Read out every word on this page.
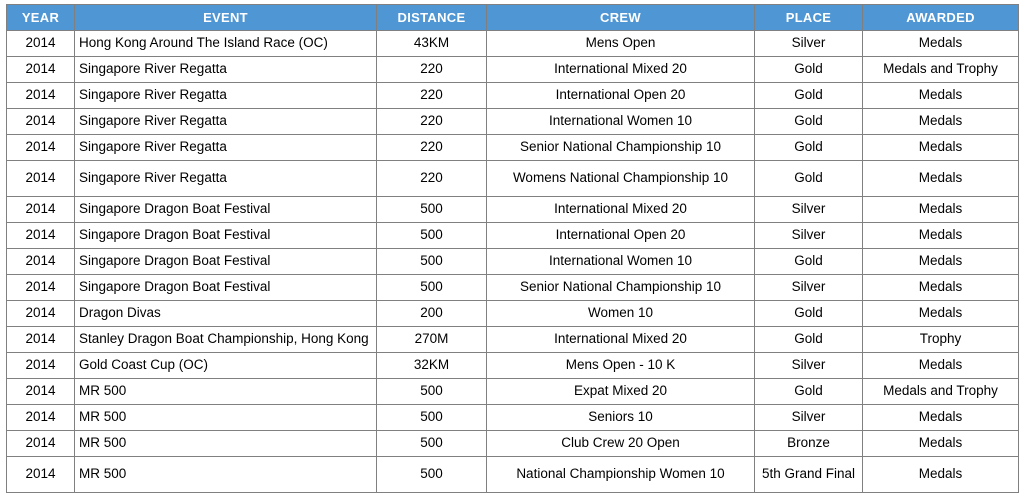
YEAR	EVENT	DISTANCE	CREW	PLACE	AWARDED
2014	Hong Kong Around The Island Race (OC)	43KM	Mens Open	Silver	Medals
2014	Singapore River Regatta	220	International Mixed 20	Gold	Medals and Trophy
2014	Singapore River Regatta	220	International Open 20	Gold	Medals
2014	Singapore River Regatta	220	International Women 10	Gold	Medals
2014	Singapore River Regatta	220	Senior National Championship 10	Gold	Medals
2014	Singapore River Regatta	220	Womens National Championship 10	Gold	Medals
2014	Singapore Dragon Boat Festival	500	International Mixed 20	Silver	Medals
2014	Singapore Dragon Boat Festival	500	International Open 20	Silver	Medals
2014	Singapore Dragon Boat Festival	500	International Women 10	Gold	Medals
2014	Singapore Dragon Boat Festival	500	Senior National Championship 10	Silver	Medals
2014	Dragon Divas	200	Women 10	Gold	Medals
2014	Stanley Dragon Boat Championship, Hong Kong	270M	International Mixed 20	Gold	Trophy
2014	Gold Coast Cup (OC)	32KM	Mens Open - 10 K	Silver	Medals
2014	MR 500	500	Expat Mixed 20	Gold	Medals and Trophy
2014	MR 500	500	Seniors 10	Silver	Medals
2014	MR 500	500	Club Crew 20 Open	Bronze	Medals
2014	MR 500	500	National Championship Women 10	5th Grand Final	Medals
